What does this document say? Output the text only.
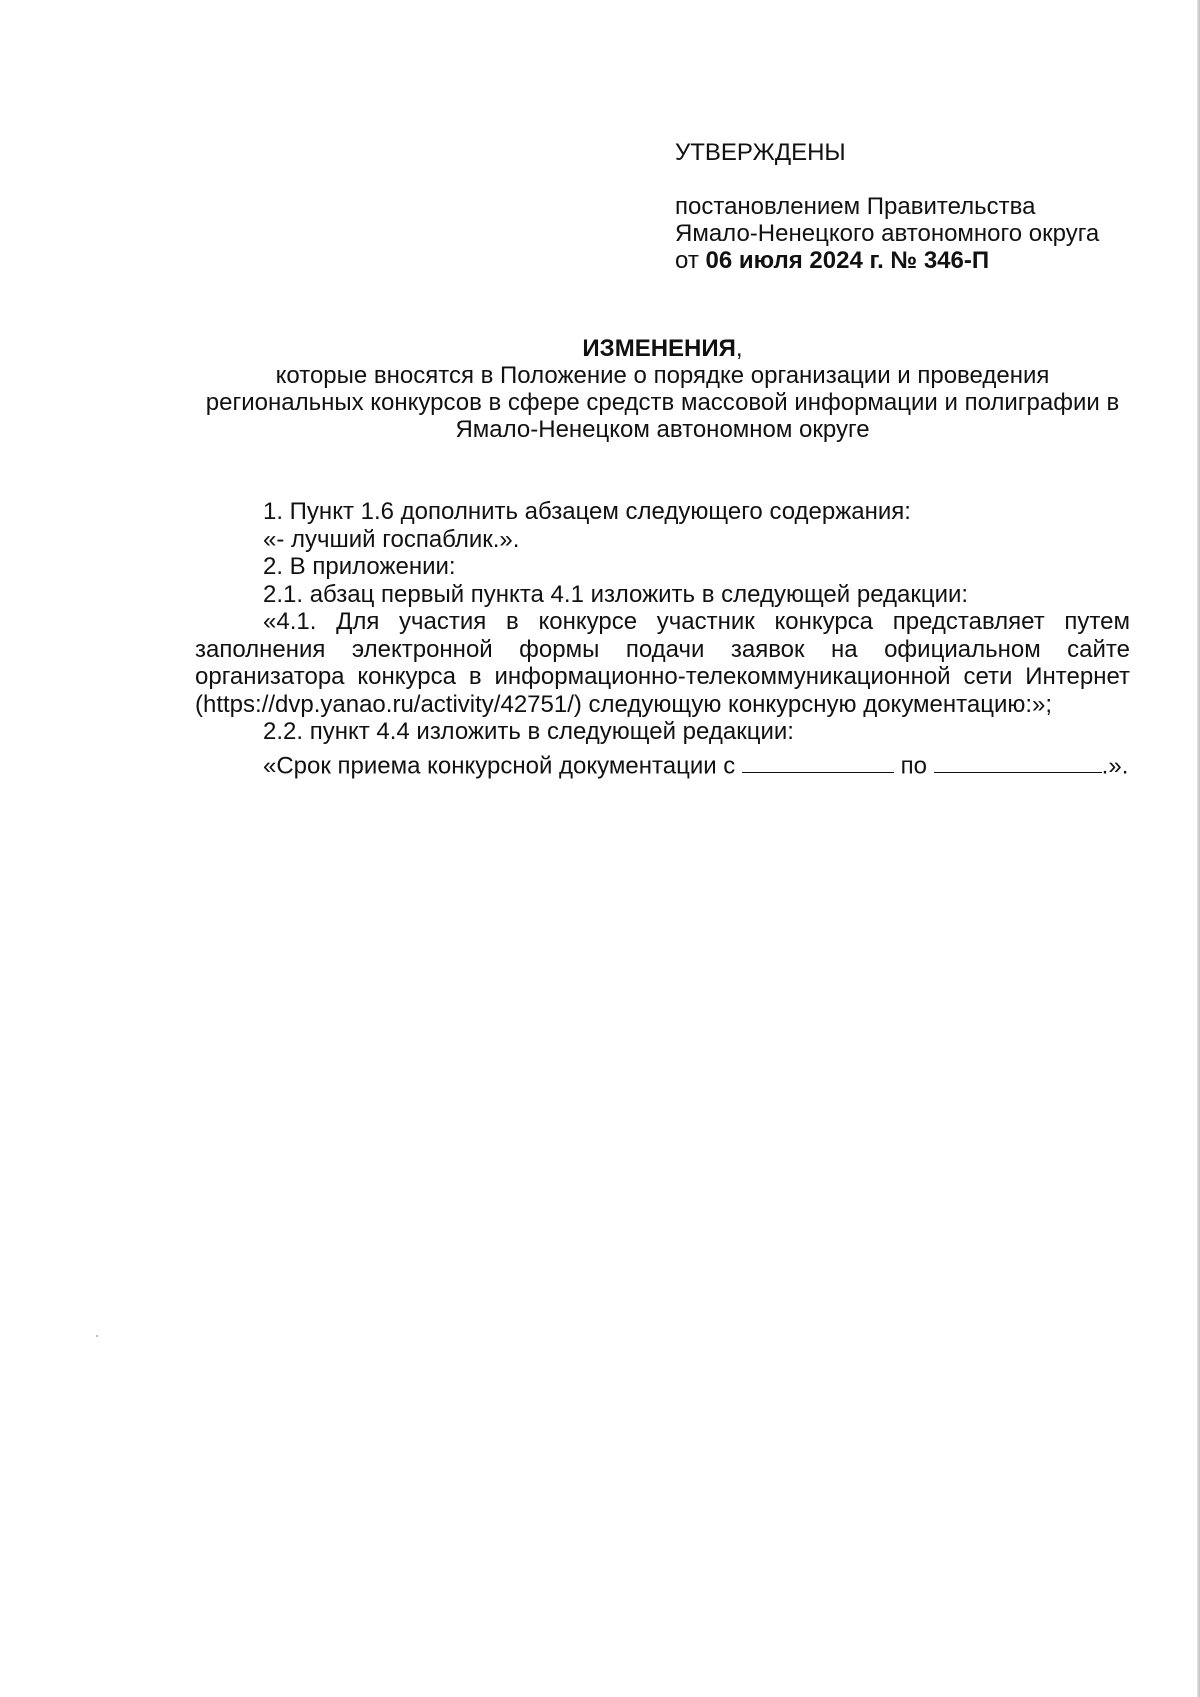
УТВЕРЖДЕНЫ
постановлением Правительства
Ямало-Ненецкого автономного округа
от 06 июля 2024 г. № 346-П
ИЗМЕНЕНИЯ,
которые вносятся в Положение о порядке организации и проведения региональных конкурсов в сфере средств массовой информации и полиграфии в Ямало-Ненецком автономном округе

1. Пункт 1.6 дополнить абзацем следующего содержания:

«- лучший госпаблик.».

2. В приложении:

2.1. абзац первый пункта 4.1 изложить в следующей редакции:

«4.1. Для участия в конкурсе участник конкурса представляет путем заполнения электронной формы подачи заявок на официальном сайте организатора конкурса в информационно-телекоммуникационной сети Интернет (https://dvp.yanao.ru/activity/42751/) следующую конкурсную документацию:»;

2.2. пункт 4.4 изложить в следующей редакции:

«Срок приема конкурсной документации с	по	.».
